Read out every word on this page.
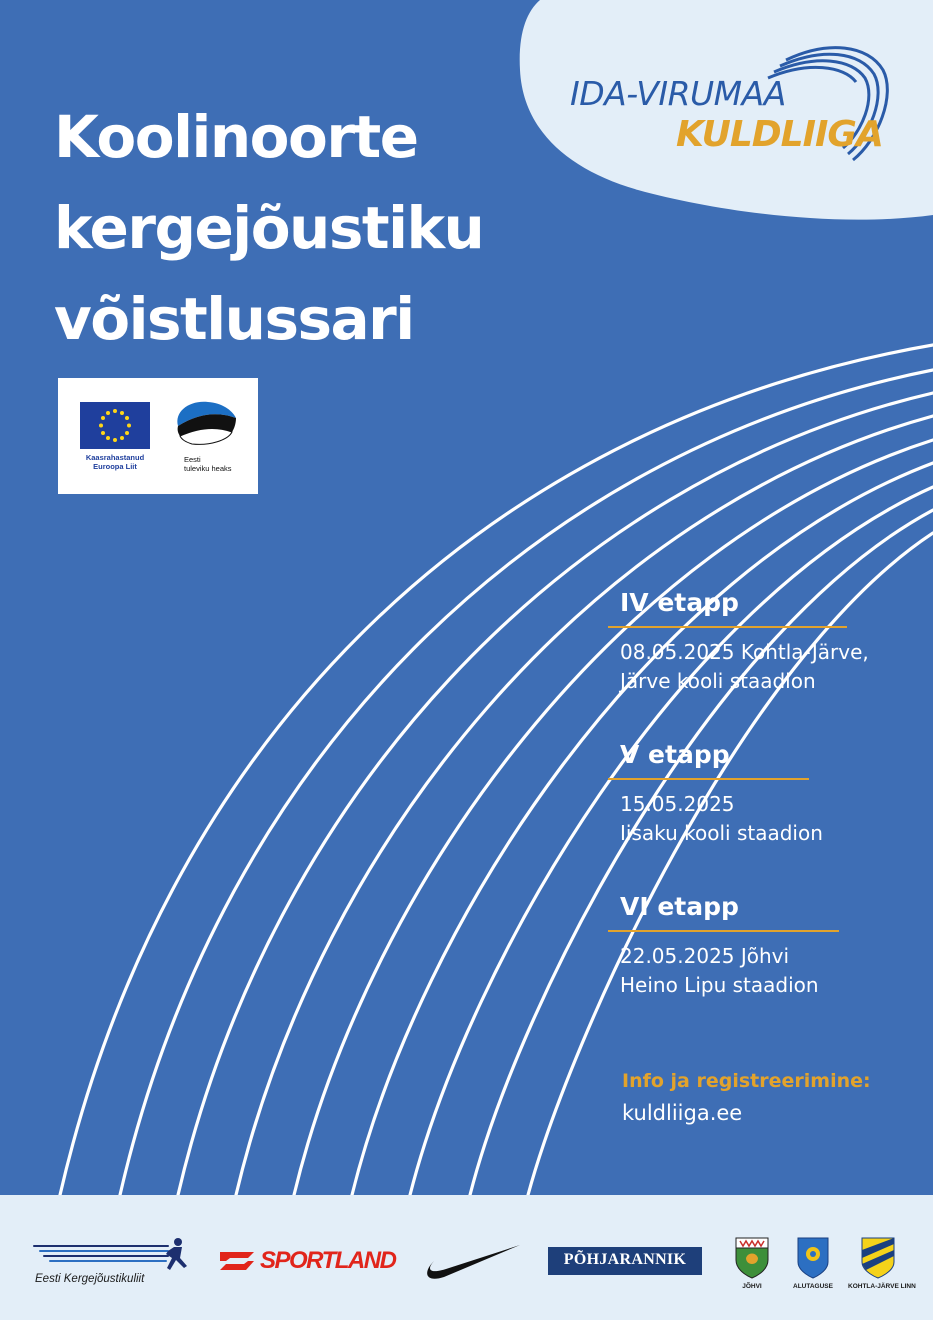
Koolinoorte
kergejõustiku
võistlussari

IDA-VIRUMAA

KULDLIIGA

Kaasrahastanud
Euroopa Liit
Eesti
tuleviku heaks

IV etapp

08.05.2025 Kohtla-Järve,

Järve kooli staadion

V etapp

15.05.2025

Iisaku kooli staadion

VI etapp

22.05.2025 Jõhvi

Heino Lipu staadion

Info ja registreerimine:

kuldliiga.ee

Eesti Kergejõustikuliit

SPORTLAND	PÕHJARANNIK

JÕHVI	ALUTAGUSE KOHTLA-JÄRVE LINN
